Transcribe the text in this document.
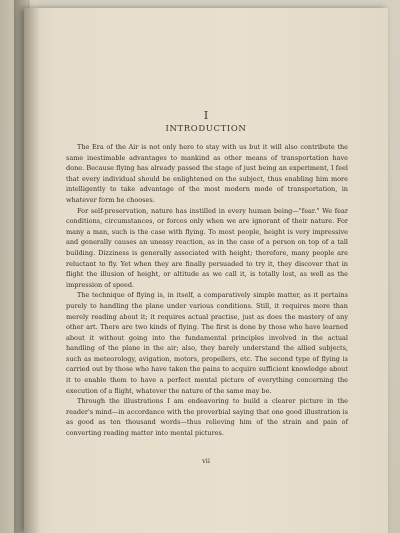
I
INTRODUCTION

The Era of the Air is not only here to stay with us but it will also contribute the same inestimable advantages to mankind as other means of transportation have done. Because flying has already passed the stage of just being an experiment, I feel that every individual should be enlightened on the subject, thus enabling him more intelligently to take advantage of the most modern mode of transportation, in whatever form he chooses.

For self-preservation, nature has instilled in every human being—"fear." We fear conditions, circumstances, or forces only when we are ignorant of their nature. For many a man, such is the case with flying. To most people, height is very impressive and generally causes an uneasy reaction, as in the case of a person on top of a tall building. Dizziness is generally associated with height; therefore, many people are reluctant to fly. Yet when they are finally persuaded to try it, they discover that in flight the illusion of height, or altitude as we call it, is totally lost, as well as the impression of speed.

The technique of flying is, in itself, a comparatively simple matter, as it pertains purely to handling the plane under various conditions. Still, it requires more than merely reading about it; it requires actual practise, just as does the mastery of any other art. There are two kinds of flying. The first is done by those who have learned about it without going into the fundamental principles involved in the actual handling of the plane in the air; also, they barely understand the allied subjects, such as meteorology, avigation, motors, propellers, etc. The second type of flying is carried out by those who have taken the pains to acquire sufficient knowledge about it to enable them to have a perfect mental picture of everything concerning the execution of a flight, whatever the nature of the same may be.

Through the illustrations I am endeavoring to build a clearer picture in the reader's mind—in accordance with the proverbial saying that one good illustration is as good as ten thousand words—thus relieving him of the strain and pain of converting reading matter into mental pictures.

vii
